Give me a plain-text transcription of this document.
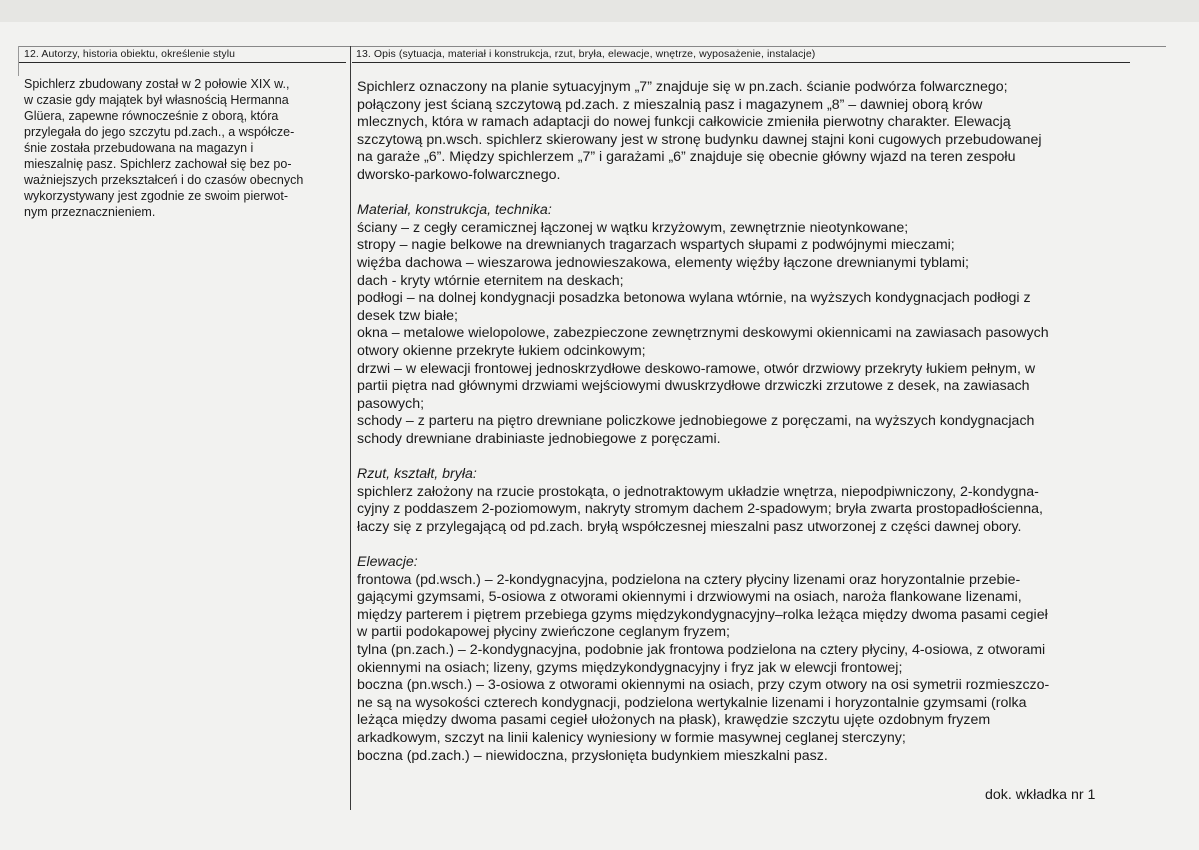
12. Autorzy, historia obiektu, określenie stylu	13. Opis (sytuacja, materiał i konstrukcja, rzut, bryła, elewacje, wnętrze, wyposażenie, instalacje)
Spichlerz zbudowany został w 2 połowie XIX w.,
w czasie gdy majątek był własnością Hermanna
Glüera, zapewne równocześnie z oborą, która
przylegała do jego szczytu pd.zach., a współcze-
śnie została przebudowana na magazyn i
mieszalnię pasz. Spichlerz zachował się bez po-
ważniejszych przekształceń i do czasów obecnych
wykorzystywany jest zgodnie ze swoim pierwot-
nym przeznacznieniem.

Spichlerz oznaczony na planie sytuacyjnym „7” znajduje się w pn.zach. ścianie podwórza folwarcznego;

połączony jest ścianą szczytową pd.zach. z mieszalnią pasz i magazynem „8” – dawniej oborą krów

mlecznych, która w ramach adaptacji do nowej funkcji całkowicie zmieniła pierwotny charakter. Elewacją

szczytową pn.wsch. spichlerz skierowany jest w stronę budynku dawnej stajni koni cugowych przebudowanej

na garaże „6”. Między spichlerzem „7” i garażami „6” znajduje się obecnie główny wjazd na teren zespołu

dworsko-parkowo-folwarcznego.

Materiał, konstrukcja, technika:

ściany – z cegły ceramicznej łączonej w wątku krzyżowym, zewnętrznie nieotynkowane;

stropy – nagie belkowe na drewnianych tragarzach wspartych słupami z podwójnymi mieczami;

więźba dachowa – wieszarowa jednowieszakowa, elementy więźby łączone drewnianymi tyblami;

dach - kryty wtórnie eternitem na deskach;

podłogi – na dolnej kondygnacji posadzka betonowa wylana wtórnie, na wyższych kondygnacjach podłogi z

desek tzw białe;

okna – metalowe wielopolowe, zabezpieczone zewnętrznymi deskowymi okiennicami na zawiasach pasowych

otwory okienne przekryte łukiem odcinkowym;

drzwi – w elewacji frontowej jednoskrzydłowe deskowo-ramowe, otwór drzwiowy przekryty łukiem pełnym, w

partii piętra nad głównymi drzwiami wejściowymi dwuskrzydłowe drzwiczki zrzutowe z desek, na zawiasach

pasowych;

schody – z parteru na piętro drewniane policzkowe jednobiegowe z poręczami, na wyższych kondygnacjach

schody drewniane drabiniaste jednobiegowe z poręczami.

Rzut, kształt, bryła:

spichlerz założony na rzucie prostokąta, o jednotraktowym układzie wnętrza, niepodpiwniczony, 2-kondygna-

cyjny z poddaszem 2-poziomowym, nakryty stromym dachem 2-spadowym; bryła zwarta prostopadłościenna,

łaczy się z przylegającą od pd.zach. bryłą współczesnej mieszalni pasz utworzonej z części dawnej obory.

Elewacje:

frontowa (pd.wsch.) – 2-kondygnacyjna, podzielona na cztery płyciny lizenami oraz horyzontalnie przebie-

gającymi gzymsami, 5-osiowa z otworami okiennymi i drzwiowymi na osiach, naroża flankowane lizenami,

między parterem i piętrem przebiega gzyms międzykondygnacyjny–rolka leżąca między dwoma pasami cegieł

w partii podokapowej płyciny zwieńczone ceglanym fryzem;

tylna (pn.zach.) – 2-kondygnacyjna, podobnie jak frontowa podzielona na cztery płyciny, 4-osiowa, z otworami

okiennymi na osiach; lizeny, gzyms międzykondygnacyjny i fryz jak w elewcji frontowej;

boczna (pn.wsch.) – 3-osiowa z otworami okiennymi na osiach, przy czym otwory na osi symetrii rozmieszczo-

ne są na wysokości czterech kondygnacji, podzielona wertykalnie lizenami i horyzontalnie gzymsami (rolka

leżąca między dwoma pasami cegieł ułożonych na płask), krawędzie szczytu ujęte ozdobnym fryzem

arkadkowym, szczyt na linii kalenicy wyniesiony w formie masywnej ceglanej sterczyny;

boczna (pd.zach.) – niewidoczna, przysłonięta budynkiem mieszkalni pasz.

dok. wkładka nr 1
